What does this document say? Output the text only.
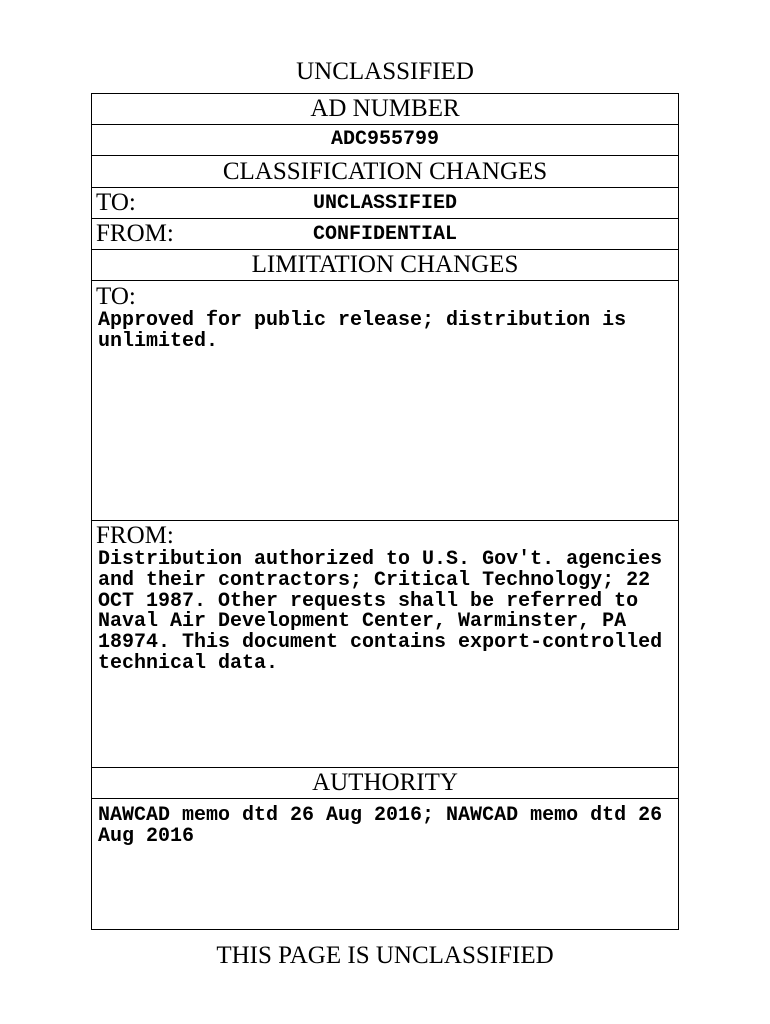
UNCLASSIFIED
AD NUMBER
ADC955799
CLASSIFICATION CHANGES
TO:	UNCLASSIFIED
FROM:	CONFIDENTIAL
LIMITATION CHANGES
TO:
Approved for public release; distribution is unlimited.
FROM:
Distribution authorized to U.S. Gov't. agencies and their contractors; Critical Technology; 22 OCT 1987. Other requests shall be referred to Naval Air Development Center, Warminster, PA 18974. This document contains export-controlled technical data.
AUTHORITY
NAWCAD memo dtd 26 Aug 2016; NAWCAD memo dtd 26 Aug 2016
THIS PAGE IS UNCLASSIFIED
